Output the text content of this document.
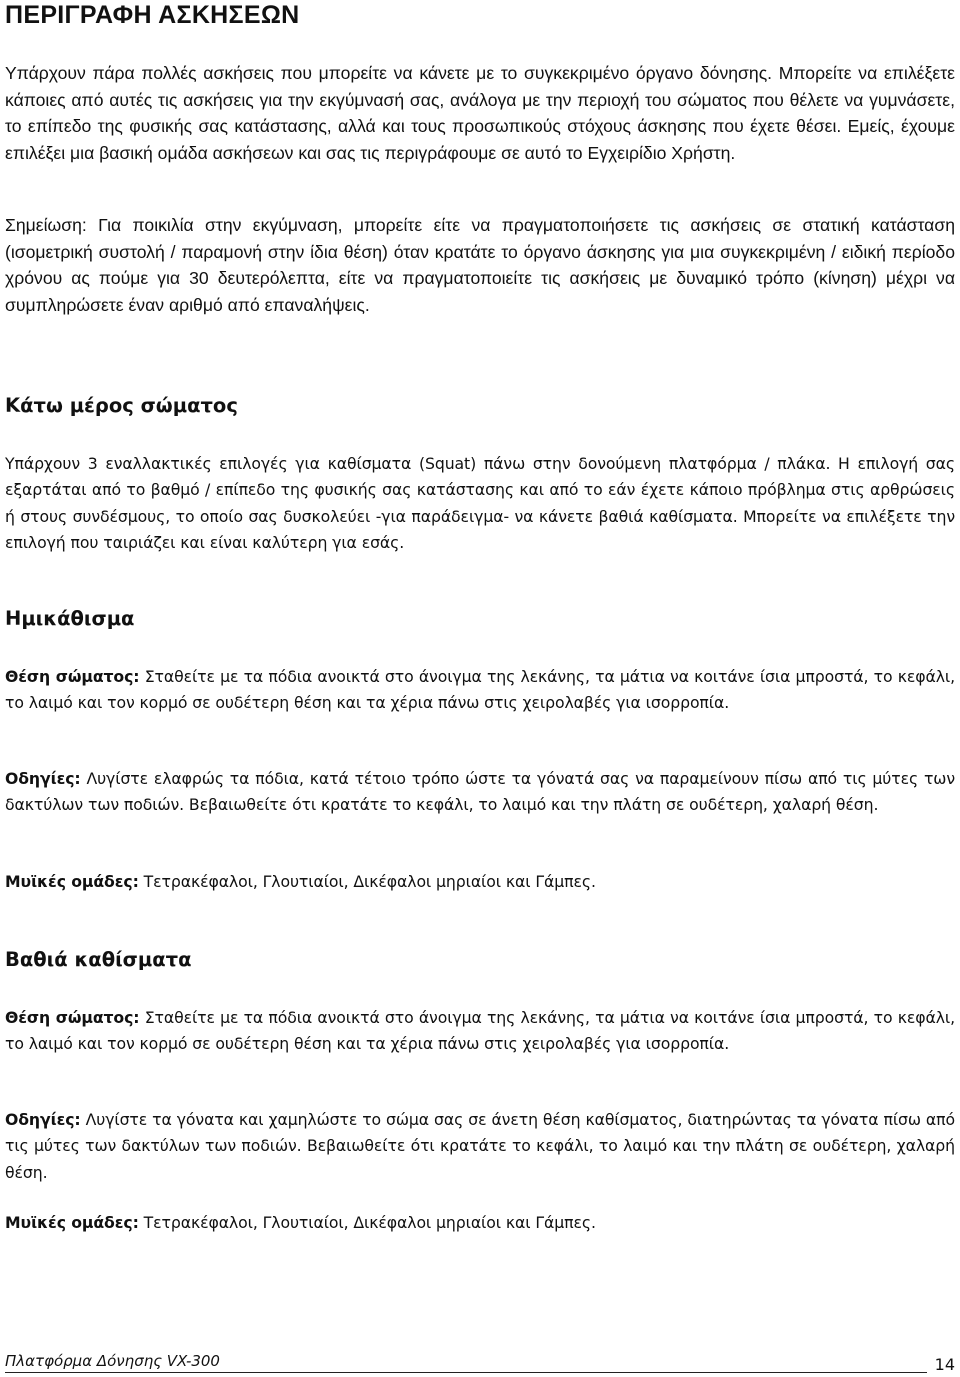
ΠΕΡΙΓΡΑΦΗ ΑΣΚΗΣΕΩΝ

Υπάρχουν πάρα πολλές ασκήσεις που μπορείτε να κάνετε με το συγκεκριμένο όργανο δόνησης. Μπορείτε να επιλέξετε κάποιες από αυτές τις ασκήσεις για την εκγύμνασή σας, ανάλογα με την περιοχή του σώματος που θέλετε να γυμνάσετε, το επίπεδο της φυσικής σας κατάστασης, αλλά και τους προσωπικούς στόχους άσκησης που έχετε θέσει. Εμείς, έχουμε επιλέξει μια βασική ομάδα ασκήσεων και σας τις περιγράφουμε σε αυτό το Εγχειρίδιο Χρήστη.

Σημείωση: Για ποικιλία στην εκγύμναση, μπορείτε είτε να πραγματοποιήσετε τις ασκήσεις σε στατική κατάσταση (ισομετρική συστολή / παραμονή στην ίδια θέση) όταν κρατάτε το όργανο άσκησης για μια συγκεκριμένη / ειδική περίοδο χρόνου ας πούμε για 30 δευτερόλεπτα, είτε να πραγματοποιείτε τις ασκήσεις με δυναμικό τρόπο (κίνηση) μέχρι να συμπληρώσετε έναν αριθμό από επαναλήψεις.

Κάτω μέρος σώματος

Υπάρχουν 3 εναλλακτικές επιλογές για καθίσματα (Squat) πάνω στην δονούμενη πλατφόρμα / πλάκα. Η επιλογή σας εξαρτάται από το βαθμό / επίπεδο της φυσικής σας κατάστασης και από το εάν έχετε κάποιο πρόβλημα στις αρθρώσεις ή στους συνδέσμους, το οποίο σας δυσκολεύει -για παράδειγμα- να κάνετε βαθιά καθίσματα. Μπορείτε να επιλέξετε την επιλογή που ταιριάζει και είναι καλύτερη για εσάς.

Ημικάθισμα

Θέση σώματος: Σταθείτε με τα πόδια ανοικτά στο άνοιγμα της λεκάνης, τα μάτια να κοιτάνε ίσια μπροστά, το κεφάλι, το λαιμό και τον κορμό σε ουδέτερη θέση και τα χέρια πάνω στις χειρολαβές για ισορροπία.

Οδηγίες: Λυγίστε ελαφρώς τα πόδια, κατά τέτοιο τρόπο ώστε τα γόνατά σας να παραμείνουν πίσω από τις μύτες των δακτύλων των ποδιών. Βεβαιωθείτε ότι κρατάτε το κεφάλι, το λαιμό και την πλάτη σε ουδέτερη, χαλαρή θέση.

Μυϊκές ομάδες: Τετρακέφαλοι, Γλουτιαίοι, Δικέφαλοι μηριαίοι και Γάμπες.

Βαθιά καθίσματα

Θέση σώματος: Σταθείτε με τα πόδια ανοικτά στο άνοιγμα της λεκάνης, τα μάτια να κοιτάνε ίσια μπροστά, το κεφάλι, το λαιμό και τον κορμό σε ουδέτερη θέση και τα χέρια πάνω στις χειρολαβές για ισορροπία.

Οδηγίες: Λυγίστε τα γόνατα και χαμηλώστε το σώμα σας σε άνετη θέση καθίσματος, διατηρώντας τα γόνατα πίσω από τις μύτες των δακτύλων των ποδιών. Βεβαιωθείτε ότι κρατάτε το κεφάλι, το λαιμό και την πλάτη σε ουδέτερη, χαλαρή θέση.

Μυϊκές ομάδες: Τετρακέφαλοι, Γλουτιαίοι, Δικέφαλοι μηριαίοι και Γάμπες.

Πλατφόρμα Δόνησης VX-300	14
